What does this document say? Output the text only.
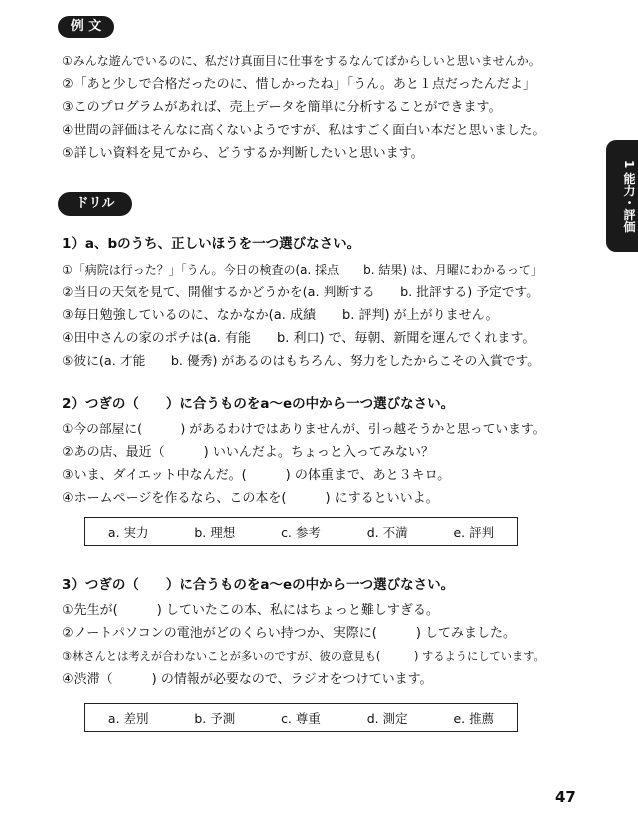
例 文
①みんな遊んでいるのに、私だけ真面目に仕事をするなんてばからしいと思いませんか。
②「あと少しで合格だったのに、惜しかったね」「うん。あと１点だったんだよ」
③このプログラムがあれば、売上データを簡単に分析することができます。
④世間の評価はそんなに高くないようですが、私はすごく面白い本だと思いました。
⑤詳しい資料を見てから、どうするか判断したいと思います。
1 能力・評価
ドリル
1）a、bのうち、正しいほうを一つ選びなさい。
①「病院は行った？」「うん。今日の検査の(a. 採点　　b. 結果) は、月曜にわかるって」
②当日の天気を見て、開催するかどうかを(a. 判断する　　b. 批評する) 予定です。
③毎日勉強しているのに、なかなか(a. 成績　　b. 評判) が上がりません。
④田中さんの家のポチは(a. 有能　　b. 利口) で、毎朝、新聞を運んでくれます。
⑤彼に(a. 才能　　b. 優秀) があるのはもちろん、努力をしたからこその入賞です。
2）つぎの（　　）に合うものをa～eの中から一つ選びなさい。
①今の部屋に(　　　) があるわけではありませんが、引っ越そうかと思っています。
②あの店、最近（　　　) いいんだよ。ちょっと入ってみない？
③いま、ダイエット中なんだ。(　　　) の体重まで、あと３キロ。
④ホームページを作るなら、この本を(　　　) にするといいよ。
a. 実力	b. 理想	c. 参考	d. 不満	e. 評判
3）つぎの（　　）に合うものをa～eの中から一つ選びなさい。
①先生が(　　　) していたこの本、私にはちょっと難しすぎる。
②ノートパソコンの電池がどのくらい持つか、実際に(　　　) してみました。
③林さんとは考えが合わないことが多いのですが、彼の意見も(　　　) するようにしています。
④渋滞（　　　) の情報が必要なので、ラジオをつけています。
a. 差別	b. 予測	c. 尊重	d. 測定	e. 推薦
47
